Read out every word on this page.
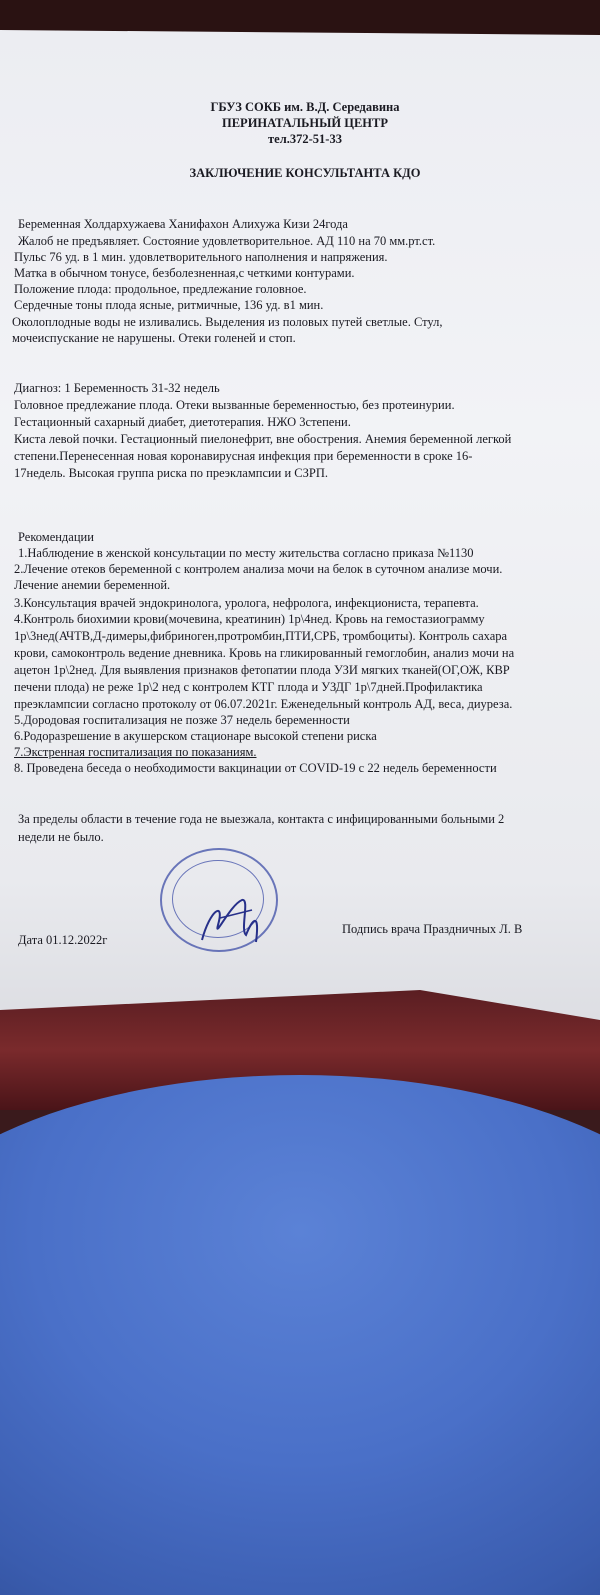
ГБУЗ СОКБ им. В.Д. Середавина
ПЕРИНАТАЛЬНЫЙ ЦЕНТР
тел.372-51-33
ЗАКЛЮЧЕНИЕ КОНСУЛЬТАНТА КДО
Беременная Холдархужаева Ханифахон Алихужа Кизи 24года
Жалоб не предъявляет. Состояние удовлетворительное. АД 110 на 70 мм.рт.ст.
Пульс 76 уд. в 1 мин. удовлетворительного наполнения и напряжения.
Матка в обычном тонусе, безболезненная,с четкими контурами.
Положение плода: продольное, предлежание головное.
Сердечные тоны плода ясные, ритмичные, 136 уд. в1 мин.
Околоплодные воды не изливались. Выделения из половых путей светлые. Стул,
мочеиспускание не нарушены. Отеки голеней и стоп.
Диагноз: 1 Беременность 31-32 недель
Головное предлежание плода. Отеки вызванные беременностью, без протеинурии.
Гестационный сахарный диабет, диетотерапия. НЖО 3степени.
Киста левой почки. Гестационный пиелонефрит, вне обострения. Анемия беременной легкой
степени.Перенесенная новая коронавирусная инфекция при беременности в сроке 16-
17недель. Высокая группа риска по преэклампсии и СЗРП.
Рекомендации
1.Наблюдение в женской консультации по месту жительства согласно приказа №1130
2.Лечение отеков беременной с контролем анализа мочи на белок в суточном анализе мочи.
Лечение анемии беременной.
3.Консультация врачей эндокринолога, уролога, нефролога, инфекциониста, терапевта.
4.Контроль биохимии крови(мочевина, креатинин) 1р\4нед. Кровь на гемостазиограмму
1р\3нед(АЧТВ,Д-димеры,фибриноген,протромбин,ПТИ,СРБ, тромбоциты). Контроль сахара
крови, самоконтроль ведение дневника. Кровь на гликированный гемоглобин, анализ мочи на
ацетон 1р\2нед. Для выявления признаков фетопатии плода УЗИ мягких тканей(ОГ,ОЖ, КВР
печени плода) не реже 1р\2 нед с контролем КТГ плода и УЗДГ 1р\7дней.Профилактика
преэклампсии согласно протоколу от 06.07.2021г. Еженедельный контроль АД, веса, диуреза.
5.Дородовая госпитализация не позже 37 недель беременности
6.Родоразрешение в акушерском стационаре высокой степени риска
7.Экстренная госпитализация по показаниям.
8. Проведена беседа о необходимости вакцинации от COVID-19 с 22 недель беременности
За пределы области в течение года не выезжала, контакта с инфицированными больными 2
недели не было.
Дата 01.12.2022г
Подпись врача Праздничных Л. В
